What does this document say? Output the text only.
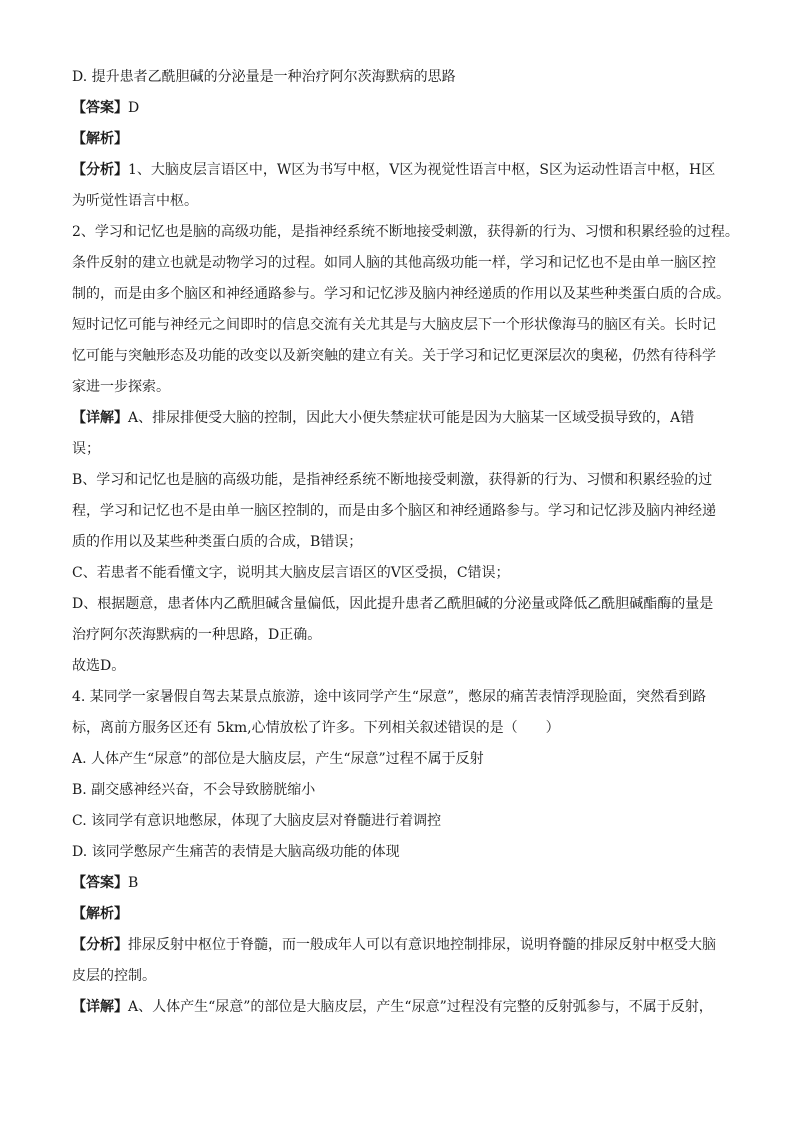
D. 提升患者乙酰胆碱的分泌量是一种治疗阿尔茨海默病的思路
【答案】D
【解析】
【分析】1、大脑皮层言语区中，W区为书写中枢，V区为视觉性语言中枢，S区为运动性语言中枢，H区
为听觉性语言中枢。
2、学习和记忆也是脑的高级功能，是指神经系统不断地接受刺激，获得新的行为、习惯和积累经验的过程。
条件反射的建立也就是动物学习的过程。如同人脑的其他高级功能一样，学习和记忆也不是由单一脑区控
制的，而是由多个脑区和神经通路参与。学习和记忆涉及脑内神经递质的作用以及某些种类蛋白质的合成。
短时记忆可能与神经元之间即时的信息交流有关尤其是与大脑皮层下一个形状像海马的脑区有关。长时记
忆可能与突触形态及功能的改变以及新突触的建立有关。关于学习和记忆更深层次的奥秘，仍然有待科学
家进一步探索。
【详解】A、排尿排便受大脑的控制，因此大小便失禁症状可能是因为大脑某一区域受损导致的，A错
误；
B、学习和记忆也是脑的高级功能，是指神经系统不断地接受刺激，获得新的行为、习惯和积累经验的过
程，学习和记忆也不是由单一脑区控制的，而是由多个脑区和神经通路参与。学习和记忆涉及脑内神经递
质的作用以及某些种类蛋白质的合成，B错误；
C、若患者不能看懂文字，说明其大脑皮层言语区的V区受损，C错误；
D、根据题意，患者体内乙酰胆碱含量偏低，因此提升患者乙酰胆碱的分泌量或降低乙酰胆碱酯酶的量是
治疗阿尔茨海默病的一种思路，D正确。
故选D。
4. 某同学一家暑假自驾去某景点旅游，途中该同学产生“尿意”，憋尿的痛苦表情浮现脸面，突然看到路
标，离前方服务区还有 5km,心情放松了许多。下列相关叙述错误的是（　　）
A. 人体产生“尿意”的部位是大脑皮层，产生“尿意”过程不属于反射
B. 副交感神经兴奋，不会导致膀胱缩小
C. 该同学有意识地憋尿，体现了大脑皮层对脊髓进行着调控
D. 该同学憋尿产生痛苦的表情是大脑高级功能的体现
【答案】B
【解析】
【分析】排尿反射中枢位于脊髓，而一般成年人可以有意识地控制排尿，说明脊髓的排尿反射中枢受大脑
皮层的控制。
【详解】A、人体产生“尿意”的部位是大脑皮层，产生“尿意”过程没有完整的反射弧参与，不属于反射，
